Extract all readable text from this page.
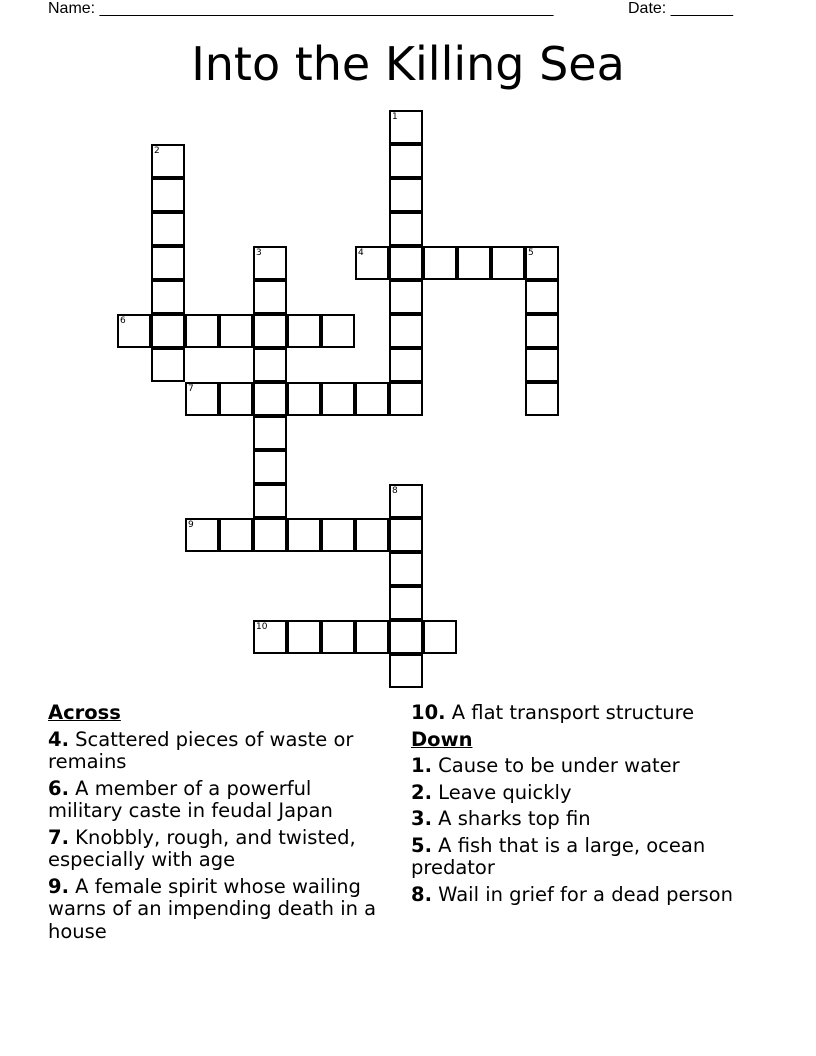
Name: ___________________________________________________	Date: _______
Into the Killing Sea
1
2
3	4	5
6
7
8
9
10
Across
4. Scattered pieces of waste or remains
6. A member of a powerful military caste in feudal Japan
7. Knobbly, rough, and twisted, especially with age
9. A female spirit whose wailing warns of an impending death in a house
10. A flat transport structure
Down
1. Cause to be under water
2. Leave quickly
3. A sharks top fin
5. A fish that is a large, ocean predator
8. Wail in grief for a dead person
